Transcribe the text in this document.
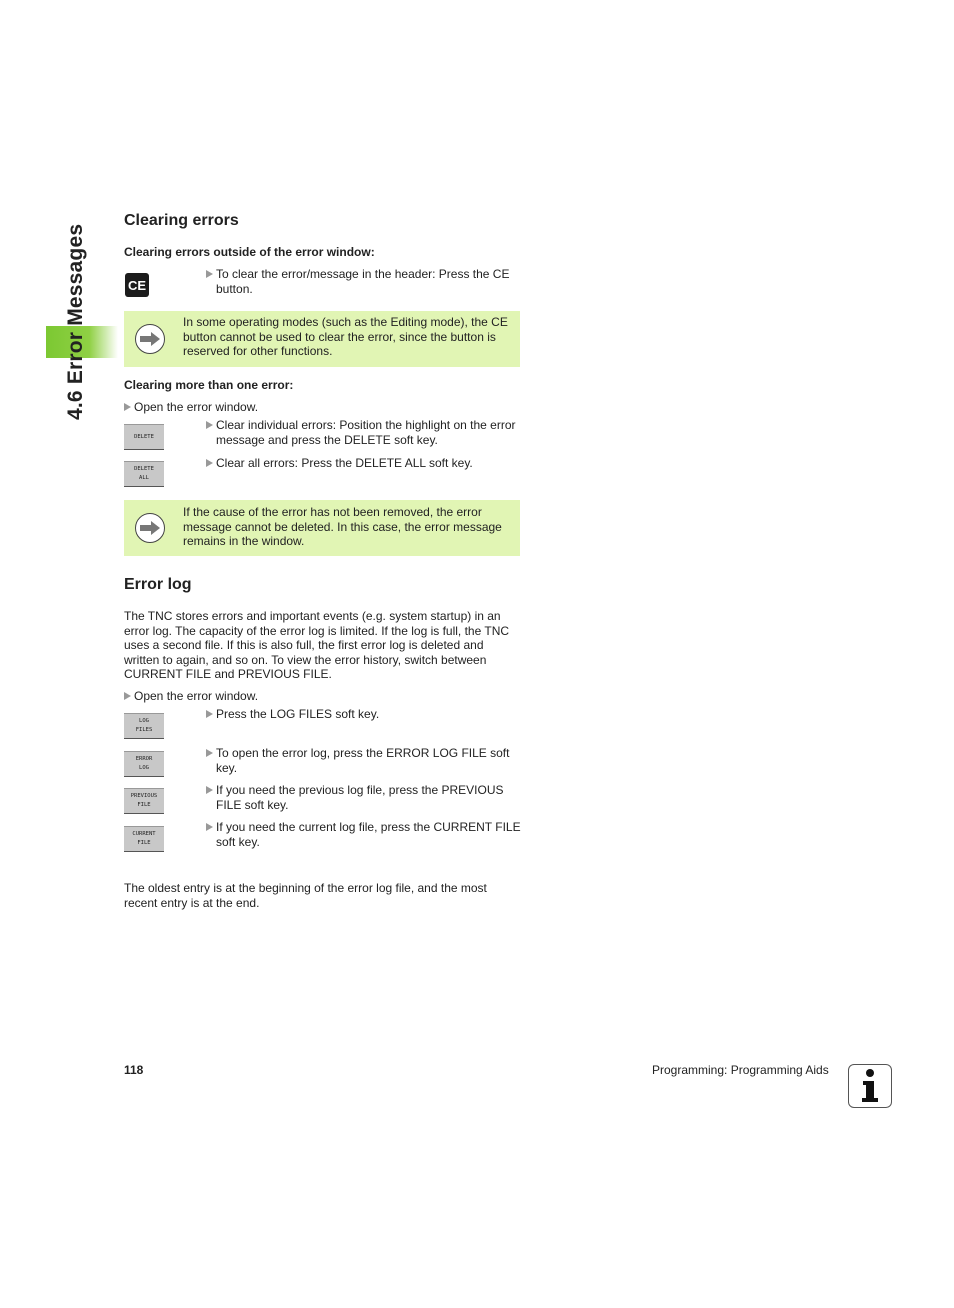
4.6 Error Messages
Clearing errors
Clearing errors outside of the error window:
CE
To clear the error/message in the header: Press the CE button.
In some operating modes (such as the Editing mode), the CE button cannot be used to clear the error, since the button is reserved for other functions.
Clearing more than one error:
Open the error window.
DELETE
Clear individual errors: Position the highlight on the error message and press the DELETE soft key.
DELETE
ALL
Clear all errors: Press the DELETE ALL soft key.
If the cause of the error has not been removed, the error message cannot be deleted. In this case, the error message remains in the window.
Error log
The TNC stores errors and important events (e.g. system startup) in an error log. The capacity of the error log is limited. If the log is full, the TNC uses a second file. If this is also full, the first error log is deleted and written to again, and so on. To view the error history, switch between CURRENT FILE and PREVIOUS FILE.
Open the error window.
LOG
FILES
Press the LOG FILES soft key.
ERROR
LOG
To open the error log, press the ERROR LOG FILE soft key.
PREVIOUS
FILE
If you need the previous log file, press the PREVIOUS FILE soft key.
CURRENT
FILE
If you need the current log file, press the CURRENT FILE soft key.
The oldest entry is at the beginning of the error log file, and the most recent entry is at the end.
118	Programming: Programming Aids
